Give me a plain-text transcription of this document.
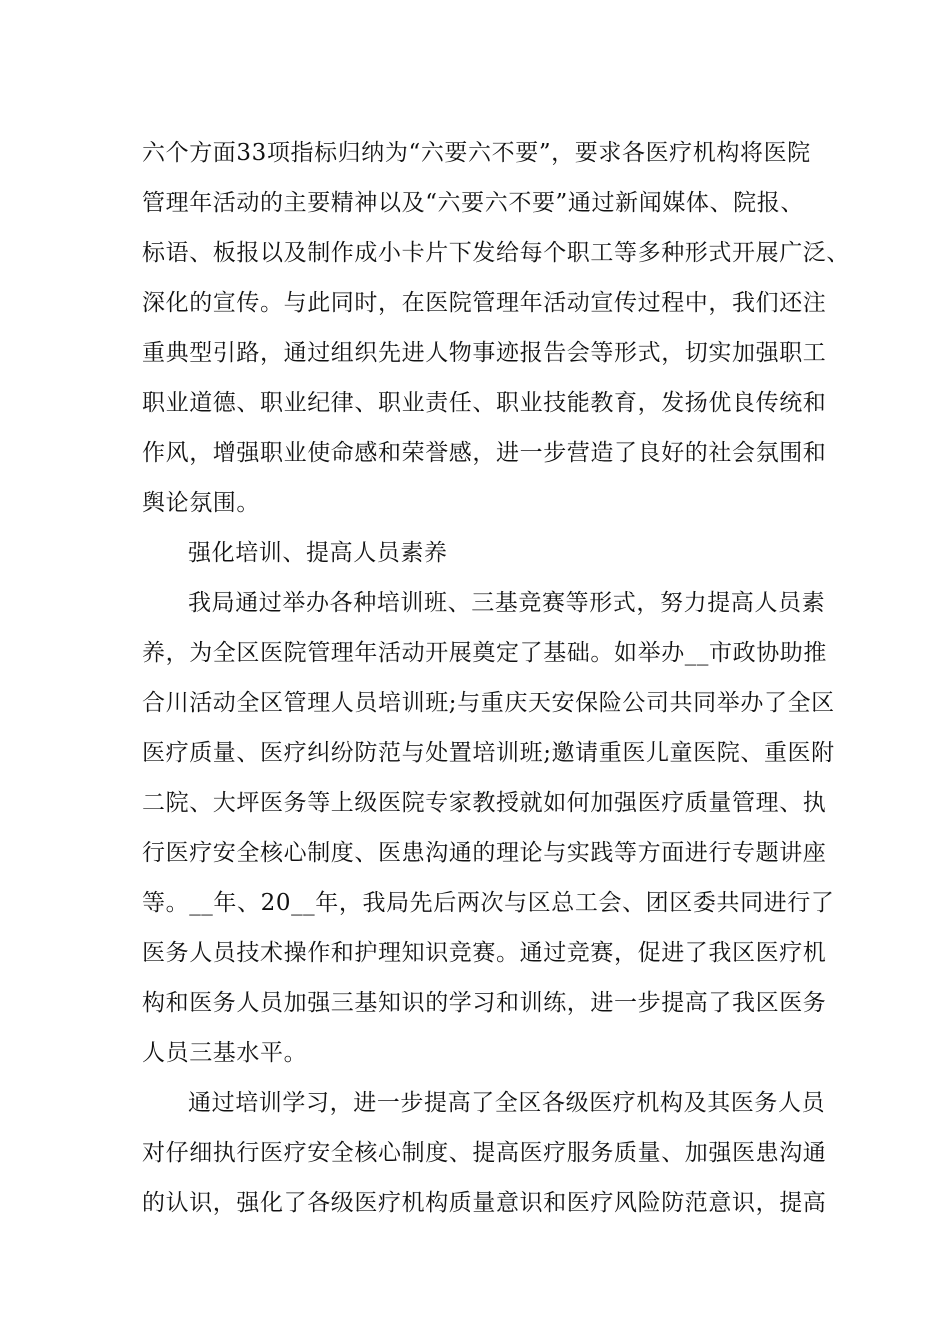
六个方面33项指标归纳为“六要六不要”，要求各医疗机构将医院
管理年活动的主要精神以及“六要六不要”通过新闻媒体、院报、
标语、板报以及制作成小卡片下发给每个职工等多种形式开展广泛、
深化的宣传。与此同时，在医院管理年活动宣传过程中，我们还注
重典型引路，通过组织先进人物事迹报告会等形式，切实加强职工
职业道德、职业纪律、职业责任、职业技能教育，发扬优良传统和
作风，增强职业使命感和荣誉感，进一步营造了良好的社会氛围和
舆论氛围。
强化培训、提高人员素养
我局通过举办各种培训班、三基竞赛等形式，努力提高人员素
养，为全区医院管理年活动开展奠定了基础。如举办__市政协助推
合川活动全区管理人员培训班;与重庆天安保险公司共同举办了全区
医疗质量、医疗纠纷防范与处置培训班;邀请重医儿童医院、重医附
二院、大坪医务等上级医院专家教授就如何加强医疗质量管理、执
行医疗安全核心制度、医患沟通的理论与实践等方面进行专题讲座
等。__年、20__年，我局先后两次与区总工会、团区委共同进行了
医务人员技术操作和护理知识竞赛。通过竞赛，促进了我区医疗机
构和医务人员加强三基知识的学习和训练，进一步提高了我区医务
人员三基水平。
通过培训学习，进一步提高了全区各级医疗机构及其医务人员
对仔细执行医疗安全核心制度、提高医疗服务质量、加强医患沟通
的认识，强化了各级医疗机构质量意识和医疗风险防范意识，提高
